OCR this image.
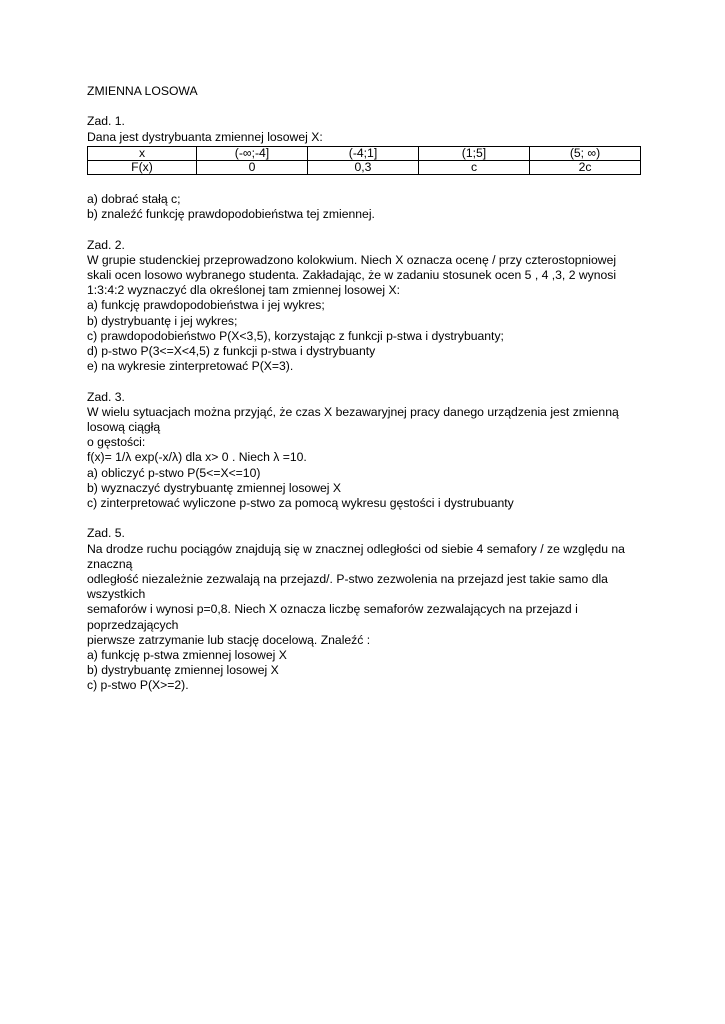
ZMIENNA LOSOWA
Zad. 1.
Dana jest dystrybuanta zmiennej losowej X:
x	(-∞;-4]	(-4;1]	(1;5]	(5; ∞)
F(x)	0	0,3	c	2c
a) dobrać stałą c;
b) znaleźć funkcję prawdopodobieństwa tej zmiennej.
Zad. 2.
W grupie studenckiej przeprowadzono kolokwium. Niech X oznacza ocenę / przy czterostopniowej
skali ocen losowo wybranego studenta. Zakładając, że w zadaniu stosunek ocen 5 , 4 ,3, 2 wynosi
1:3:4:2 wyznaczyć dla określonej tam zmiennej losowej X:
a) funkcję prawdopodobieństwa i jej wykres;
b) dystrybuantę i jej wykres;
c) prawdopodobieństwo P(X<3,5), korzystając z funkcji p-stwa i dystrybuanty;
d) p-stwo P(3<=X<4,5) z funkcji p-stwa i dystrybuanty
e) na wykresie zinterpretować P(X=3).
Zad. 3.
W wielu sytuacjach można przyjąć, że czas X bezawaryjnej pracy danego urządzenia jest zmienną
losową ciągłą
o gęstości:
f(x)= 1/λ exp(-x/λ) dla x> 0 . Niech λ =10.
a) obliczyć p-stwo P(5<=X<=10)
b) wyznaczyć dystrybuantę zmiennej losowej X
c) zinterpretować wyliczone p-stwo za pomocą wykresu gęstości i dystrubuanty
Zad. 5.
Na drodze ruchu pociągów znajdują się w znacznej odległości od siebie 4 semafory / ze względu na
znaczną
odległość niezależnie zezwalają na przejazd/. P-stwo zezwolenia na przejazd jest takie samo dla
wszystkich
semaforów i wynosi p=0,8. Niech X oznacza liczbę semaforów zezwalających na przejazd i
poprzedzających
pierwsze zatrzymanie lub stację docelową. Znaleźć :
a) funkcję p-stwa zmiennej losowej X
b) dystrybuantę zmiennej losowej X
c) p-stwo P(X>=2).
